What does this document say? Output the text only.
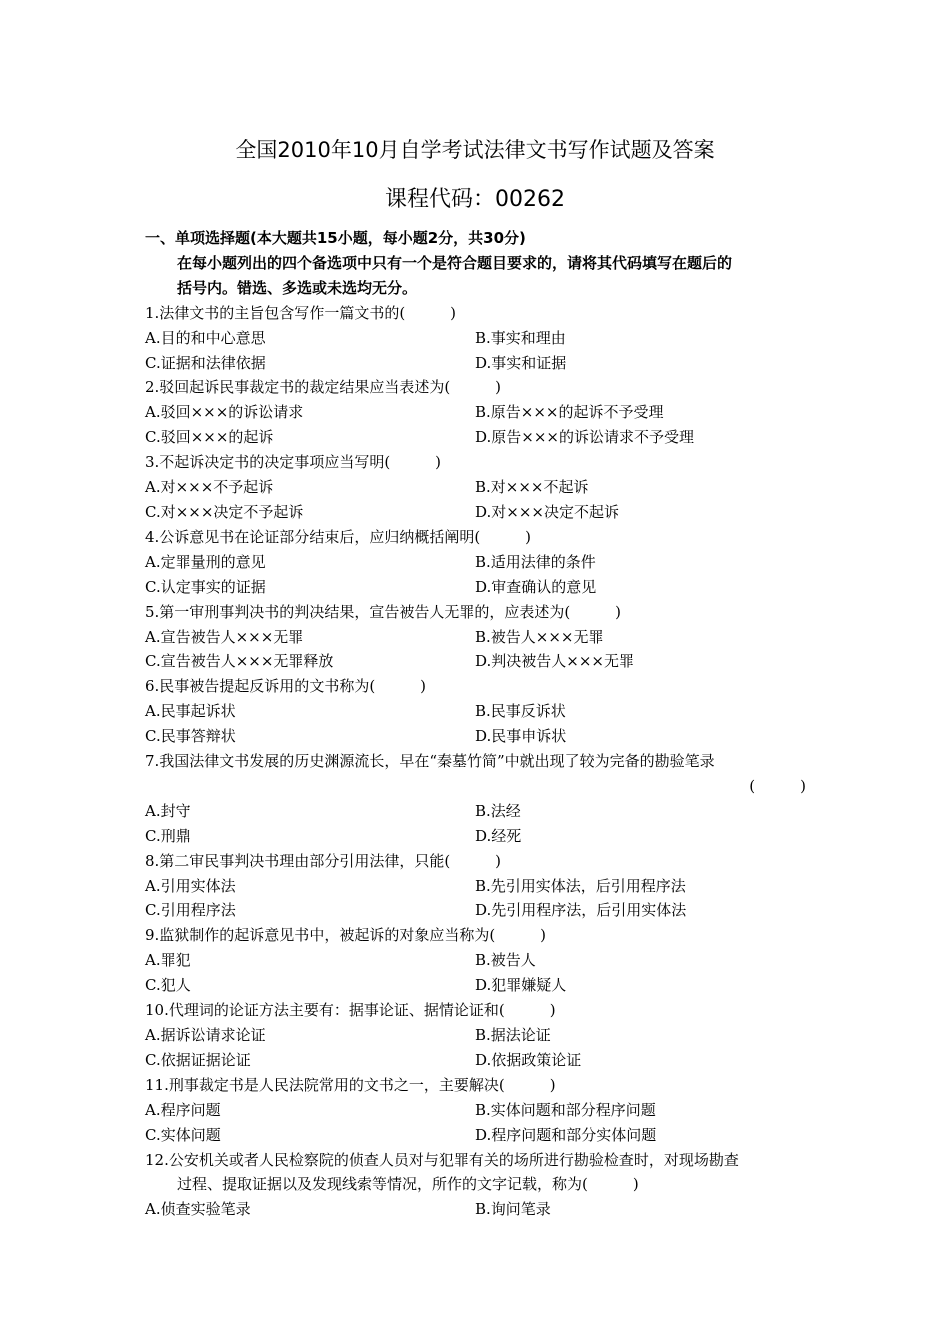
全国2010年10月自学考试法律文书写作试题及答案
课程代码：00262
一、单项选择题(本大题共15小题，每小题2分，共30分)
在每小题列出的四个备选项中只有一个是符合题目要求的，请将其代码填写在题后的
括号内。错选、多选或未选均无分。
1.法律文书的主旨包含写作一篇文书的(　　　)
A.目的和中心意思	B.事实和理由
C.证据和法律依据	D.事实和证据
2.驳回起诉民事裁定书的裁定结果应当表述为(　　　)
A.驳回×××的诉讼请求	B.原告×××的起诉不予受理
C.驳回×××的起诉	D.原告×××的诉讼请求不予受理
3.不起诉决定书的决定事项应当写明(　　　)
A.对×××不予起诉	B.对×××不起诉
C.对×××决定不予起诉	D.对×××决定不起诉
4.公诉意见书在论证部分结束后，应归纳概括阐明(　　　)
A.定罪量刑的意见	B.适用法律的条件
C.认定事实的证据	D.审查确认的意见
5.第一审刑事判决书的判决结果，宣告被告人无罪的，应表述为(　　　)
A.宣告被告人×××无罪	B.被告人×××无罪
C.宣告被告人×××无罪释放	D.判决被告人×××无罪
6.民事被告提起反诉用的文书称为(　　　)
A.民事起诉状	B.民事反诉状
C.民事答辩状	D.民事申诉状
7.我国法律文书发展的历史渊源流长，早在“秦墓竹简”中就出现了较为完备的勘验笔录
(　　　)
A.封守	B.法经
C.刑鼎	D.经死
8.第二审民事判决书理由部分引用法律，只能(　　　)
A.引用实体法	B.先引用实体法，后引用程序法
C.引用程序法	D.先引用程序法，后引用实体法
9.监狱制作的起诉意见书中，被起诉的对象应当称为(　　　)
A.罪犯	B.被告人
C.犯人	D.犯罪嫌疑人
10.代理词的论证方法主要有：据事论证、据情论证和(　　　)
A.据诉讼请求论证	B.据法论证
C.依据证据论证	D.依据政策论证
11.刑事裁定书是人民法院常用的文书之一，主要解决(　　　)
A.程序问题	B.实体问题和部分程序问题
C.实体问题	D.程序问题和部分实体问题
12.公安机关或者人民检察院的侦查人员对与犯罪有关的场所进行勘验检查时，对现场勘查
过程、提取证据以及发现线索等情况，所作的文字记载，称为(　　　)
A.侦查实验笔录	B.询问笔录
